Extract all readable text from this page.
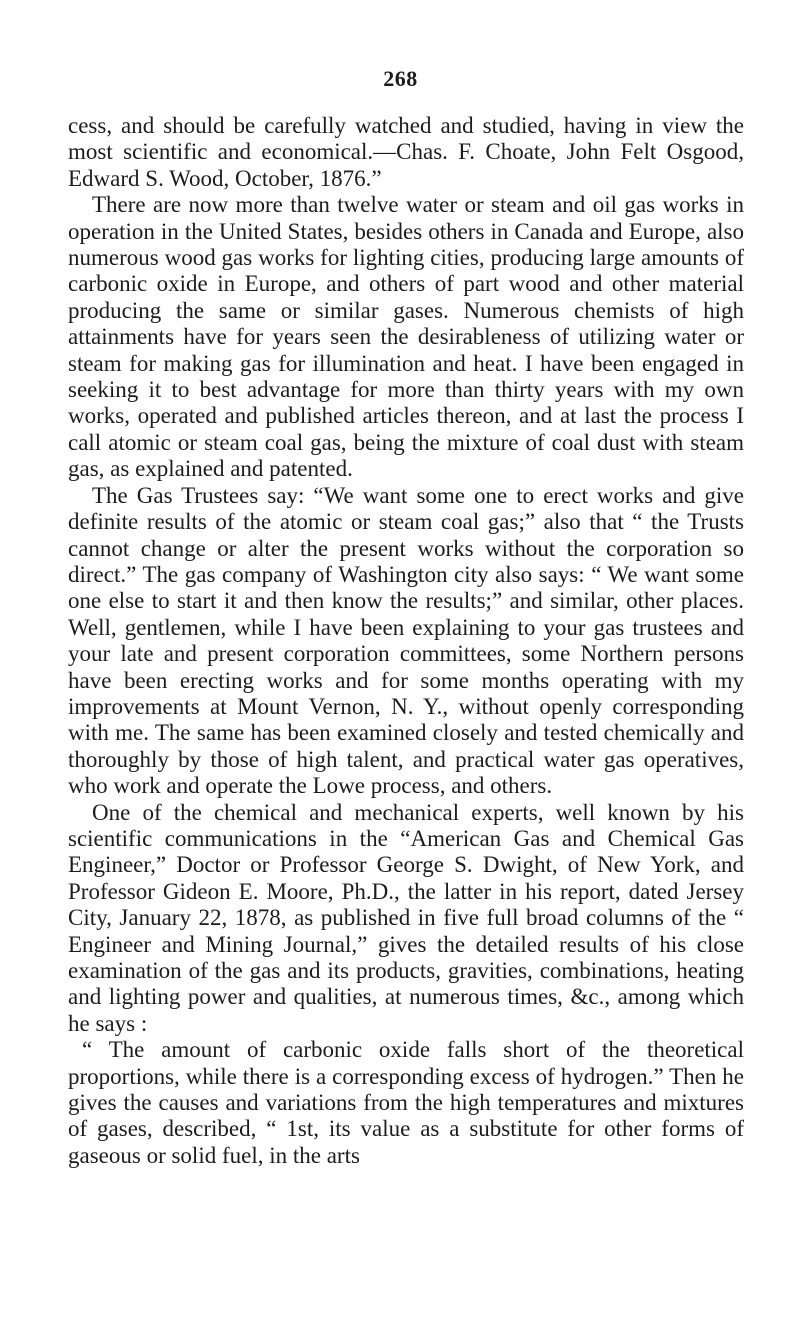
268

cess, and should be carefully watched and studied, having in view the most scientific and economical.—Chas. F. Choate, John Felt Osgood, Edward S. Wood, October, 1876.”

There are now more than twelve water or steam and oil gas works in operation in the United States, besides others in Canada and Europe, also numerous wood gas works for lighting cities, producing large amounts of carbonic oxide in Europe, and others of part wood and other material producing the same or similar gases. Numerous chemists of high attainments have for years seen the desirableness of utilizing water or steam for making gas for illumination and heat. I have been engaged in seeking it to best advantage for more than thirty years with my own works, operated and published articles thereon, and at last the process I call atomic or steam coal gas, being the mixture of coal dust with steam gas, as explained and patented.

The Gas Trustees say: “We want some one to erect works and give definite results of the atomic or steam coal gas;” also that “ the Trusts cannot change or alter the present works without the corporation so direct.” The gas company of Washington city also says: “ We want some one else to start it and then know the results;” and similar, other places. Well, gentlemen, while I have been explaining to your gas trustees and your late and present corporation committees, some Northern persons have been erecting works and for some months operating with my improvements at Mount Vernon, N. Y., without openly corresponding with me. The same has been examined closely and tested chemically and thoroughly by those of high talent, and practical water gas operatives, who work and operate the Lowe process, and others.

One of the chemical and mechanical experts, well known by his scientific communications in the “American Gas and Chemical Gas Engineer,” Doctor or Professor George S. Dwight, of New York, and Professor Gideon E. Moore, Ph.D., the latter in his report, dated Jersey City, January 22, 1878, as published in five full broad columns of the “ Engineer and Mining Journal,” gives the detailed results of his close examination of the gas and its products, gravities, combinations, heating and lighting power and qualities, at numerous times, &c., among which he says :

“ The amount of carbonic oxide falls short of the theoretical proportions, while there is a corresponding excess of hydrogen.” Then he gives the causes and variations from the high temperatures and mixtures of gases, described, “ 1st, its value as a substitute for other forms of gaseous or solid fuel, in the arts
